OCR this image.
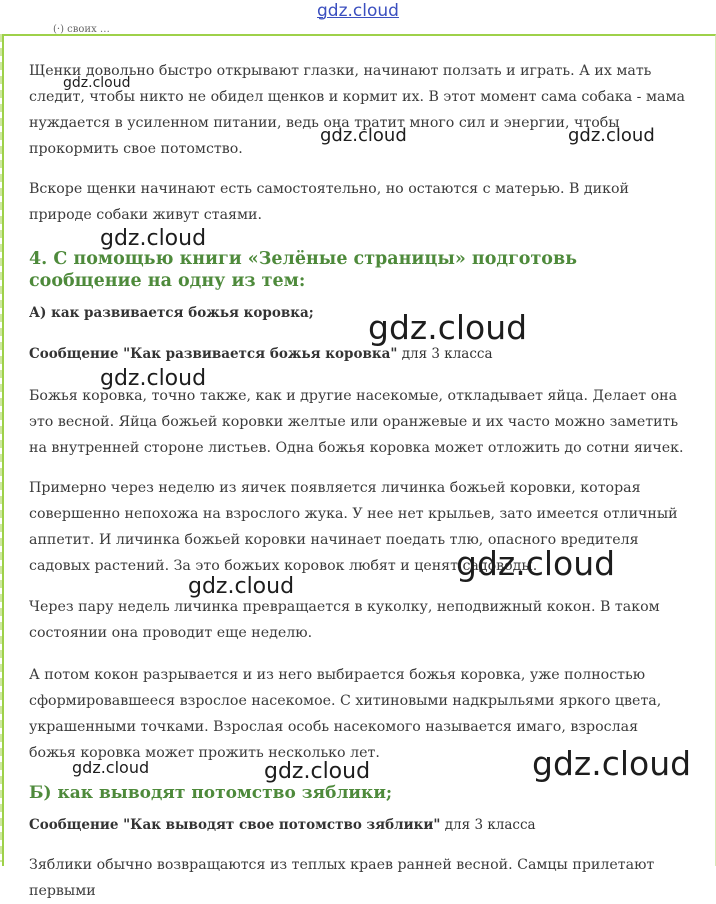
gdz.cloud
(·) своих …

Щенки довольно быстро открывают глазки, начинают ползать и играть. А их мать следит, чтобы никто не обидел щенков и кормит их. В этот момент сама собака - мама нуждается в усиленном питании, ведь она тратит много сил и энергии, чтобы прокормить свое потомство.

Вскоре щенки начинают есть самостоятельно, но остаются с матерью. В дикой природе собаки живут стаями.

4. С помощью книги «Зелёные страницы» подготовь сообщение на одну из тем:
А) как развивается божья коровка;
Сообщение "Как развивается божья коровка" для 3 класса

Божья коровка, точно также, как и другие насекомые, откладывает яйца. Делает она это весной. Яйца божьей коровки желтые или оранжевые и их часто можно заметить на внутренней стороне листьев. Одна божья коровка может отложить до сотни яичек.

Примерно через неделю из яичек появляется личинка божьей коровки, которая совершенно непохожа на взрослого жука. У нее нет крыльев, зато имеется отличный аппетит. И личинка божьей коровки начинает поедать тлю, опасного вредителя садовых растений. За это божьих коровок любят и ценят садоводы.

Через пару недель личинка превращается в куколку, неподвижный кокон. В таком состоянии она проводит еще неделю.

А потом кокон разрывается и из него выбирается божья коровка, уже полностью сформировавшееся взрослое насекомое. С хитиновыми надкрыльями яркого цвета, украшенными точками. Взрослая особь насекомого называется имаго, взрослая божья коровка может прожить несколько лет.

Б) как выводят потомство зяблики;
Сообщение "Как выводят свое потомство зяблики" для 3 класса

Зяблики обычно возвращаются из теплых краев ранней весной. Самцы прилетают первыми

gdz.cloud
gdz.cloud	gdz.cloud
gdz.cloud
gdz.cloud
gdz.cloud
gdz.cloud
gdz.cloud
gdz.cloud
gdz.cloud	gdz.cloud
